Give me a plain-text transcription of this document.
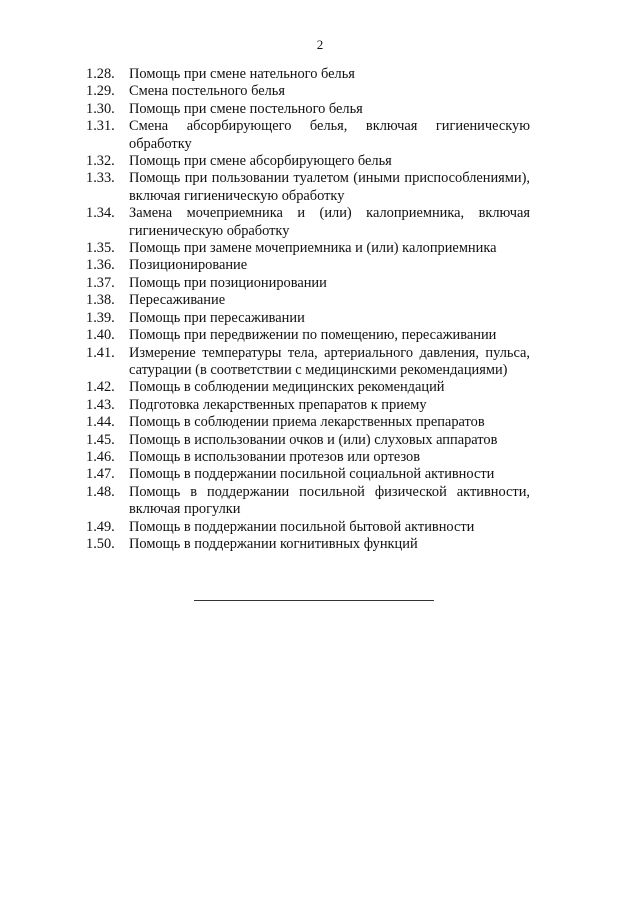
2
1.28. Помощь при смене нательного белья
1.29. Смена постельного белья
1.30. Помощь при смене постельного белья
1.31. Смена абсорбирующего белья, включая гигиеническую обработку
1.32. Помощь при смене абсорбирующего белья
1.33. Помощь при пользовании туалетом (иными приспособлениями), включая гигиеническую обработку
1.34. Замена мочеприемника и (или) калоприемника, включая гигиеническую обработку
1.35. Помощь при замене мочеприемника и (или) калоприемника
1.36. Позиционирование
1.37. Помощь при позиционировании
1.38. Пересаживание
1.39. Помощь при пересаживании
1.40. Помощь при передвижении по помещению, пересаживании
1.41. Измерение температуры тела, артериального давления, пульса, сатурации (в соответствии с медицинскими рекомендациями)
1.42. Помощь в соблюдении медицинских рекомендаций
1.43. Подготовка лекарственных препаратов к приему
1.44. Помощь в соблюдении приема лекарственных препаратов
1.45. Помощь в использовании очков и (или) слуховых аппаратов
1.46. Помощь в использовании протезов или ортезов
1.47. Помощь в поддержании посильной социальной активности
1.48. Помощь в поддержании посильной физической активности, включая прогулки
1.49. Помощь в поддержании посильной бытовой активности
1.50. Помощь в поддержании когнитивных функций
